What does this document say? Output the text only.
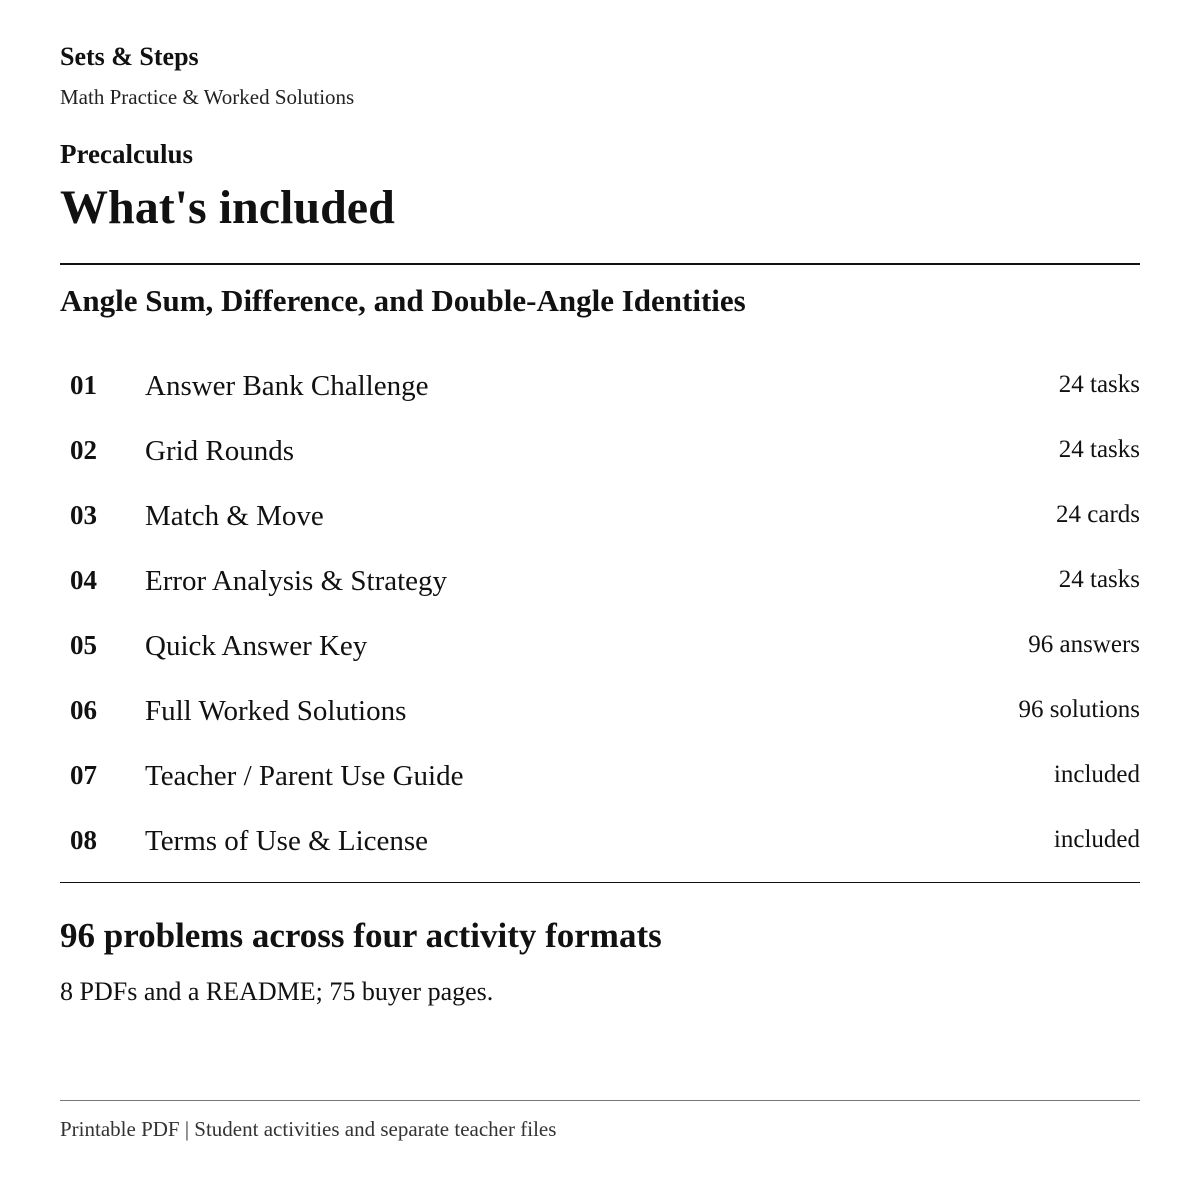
Sets & Steps
Math Practice & Worked Solutions
Precalculus
What's included
Angle Sum, Difference, and Double-Angle Identities
01 Answer Bank Challenge	24 tasks
02 Grid Rounds	24 tasks
03 Match & Move	24 cards
04 Error Analysis & Strategy	24 tasks
05 Quick Answer Key	96 answers
06 Full Worked Solutions	96 solutions
07 Teacher / Parent Use Guide	included
08 Terms of Use & License	included
96 problems across four activity formats
8 PDFs and a README; 75 buyer pages.
Printable PDF | Student activities and separate teacher files
